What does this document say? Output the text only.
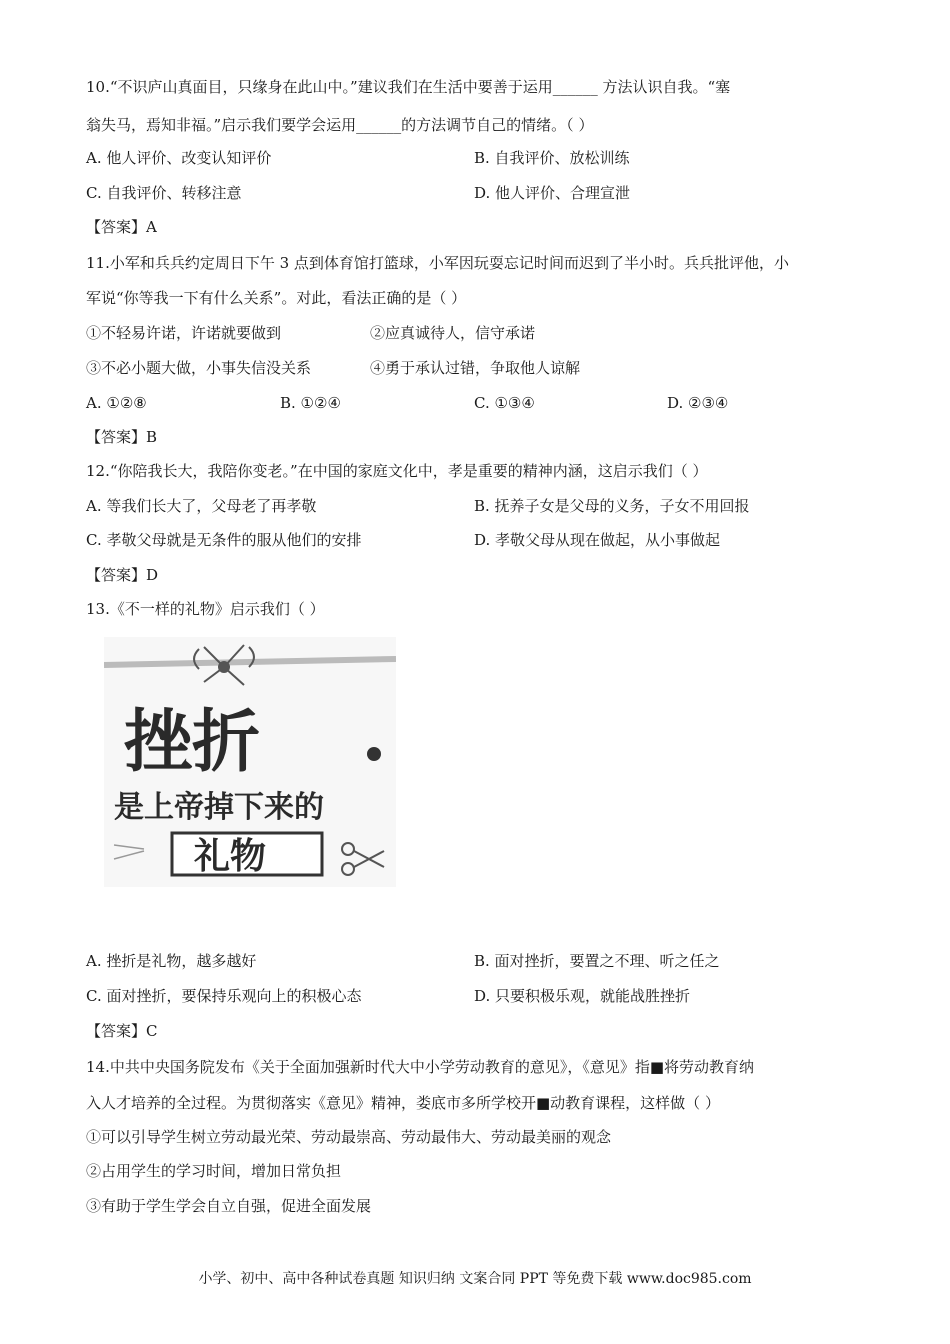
10.“不识庐山真面目，只缘身在此山中。”建议我们在生活中要善于运用______ 方法认识自我。“塞
翁失马，焉知非福。”启示我们要学会运用______的方法调节自己的情绪。（ ）
A. 他人评价、改变认知评价	B. 自我评价、放松训练
C. 自我评价、转移注意	D. 他人评价、合理宣泄
【答案】A
11.小军和兵兵约定周日下午 3 点到体育馆打篮球，小军因玩耍忘记时间而迟到了半小时。兵兵批评他，小
军说“你等我一下有什么关系”。对此，看法正确的是（ ）
①不轻易许诺，许诺就要做到	②应真诚待人，信守承诺
③不必小题大做，小事失信没关系	④勇于承认过错，争取他人谅解
A. ①②⑧	B. ①②④	C. ①③④	D. ②③④
【答案】B
12.“你陪我长大，我陪你变老。”在中国的家庭文化中，孝是重要的精神内涵，这启示我们（ ）
A. 等我们长大了，父母老了再孝敬	B. 抚养子女是父母的义务，子女不用回报
C. 孝敬父母就是无条件的服从他们的安排	D. 孝敬父母从现在做起，从小事做起
【答案】D
13.《不一样的礼物》启示我们（ ）
挫折
是上帝掉下来的
礼物
A. 挫折是礼物，越多越好	B. 面对挫折，要置之不理、听之任之
C. 面对挫折，要保持乐观向上的积极心态	D. 只要积极乐观，就能战胜挫折
【答案】C
14.中共中央国务院发布《关于全面加强新时代大中小学劳动教育的意见》，《意见》指■将劳动教育纳
入人才培养的全过程。为贯彻落实《意见》精神，娄底市多所学校开■动教育课程，这样做（ ）
①可以引导学生树立劳动最光荣、劳动最崇高、劳动最伟大、劳动最美丽的观念
②占用学生的学习时间，增加日常负担
③有助于学生学会自立自强，促进全面发展
小学、初中、高中各种试卷真题 知识归纳 文案合同 PPT 等免费下载 www.doc985.com
